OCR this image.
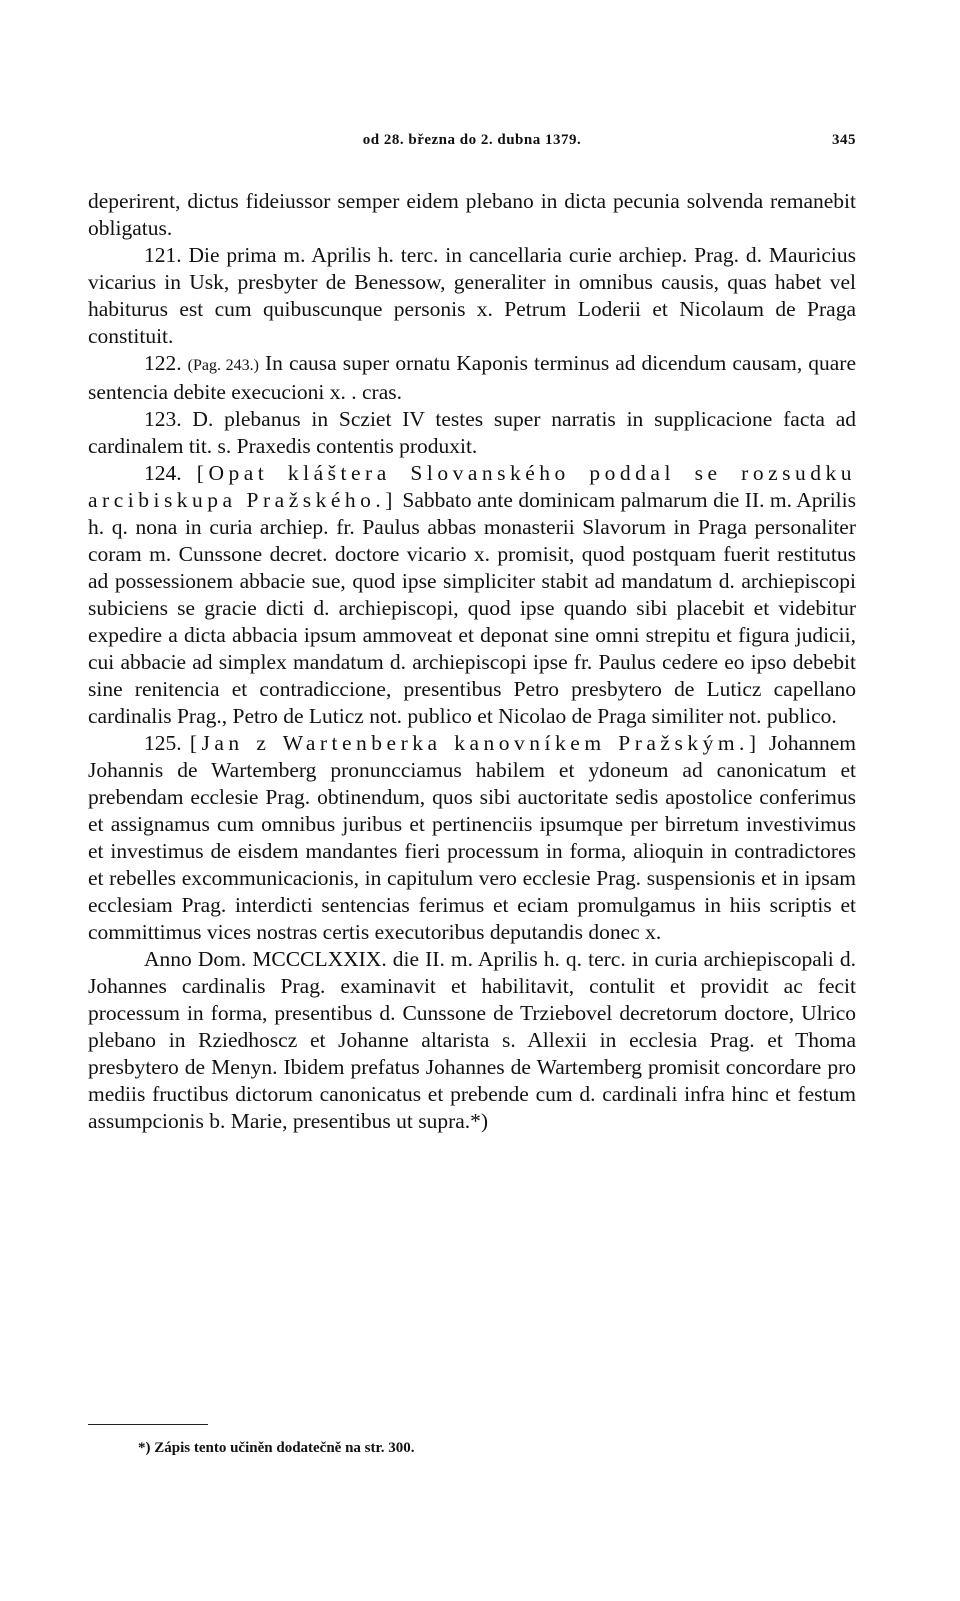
od 28. března do 2. dubna 1379.	345

deperirent, dictus fideiussor semper eidem plebano in dicta pecunia solvenda remanebit obligatus.

121. Die prima m. Aprilis h. terc. in cancellaria curie archiep. Prag. d. Mauricius vicarius in Usk, presbyter de Benessow, generaliter in omnibus causis, quas habet vel habiturus est cum quibuscunque personis x. Petrum Loderii et Nicolaum de Praga constituit.

122. (Pag. 243.) In causa super ornatu Kaponis terminus ad dicendum causam, quare sentencia debite execucioni x. . cras.

123. D. plebanus in Scziet IV testes super narratis in supplicacione facta ad cardinalem tit. s. Praxedis contentis produxit.

124. [Opat kláštera Slovanského poddal se rozsudku arcibiskupa Pražského.] Sabbato ante dominicam palmarum die II. m. Aprilis h. q. nona in curia archiep. fr. Paulus abbas monasterii Slavorum in Praga personaliter coram m. Cunssone decret. doctore vicario x. promisit, quod postquam fuerit restitutus ad possessionem abbacie sue, quod ipse simpliciter stabit ad mandatum d. archiepiscopi subiciens se gracie dicti d. archiepiscopi, quod ipse quando sibi placebit et videbitur expedire a dicta abbacia ipsum ammoveat et deponat sine omni strepitu et figura judicii, cui abbacie ad simplex mandatum d. archiepiscopi ipse fr. Paulus cedere eo ipso debebit sine renitencia et contradiccione, presentibus Petro presbytero de Luticz capellano cardinalis Prag., Petro de Luticz not. publico et Nicolao de Praga similiter not. publico.

125. [Jan z Wartenberka kanovníkem Pražským.] Johannem Johannis de Wartemberg pronuncciamus habilem et ydoneum ad canonicatum et prebendam ecclesie Prag. obtinendum, quos sibi auctoritate sedis apostolice conferimus et assignamus cum omnibus juribus et pertinenciis ipsumque per birretum investivimus et investimus de eisdem mandantes fieri processum in forma, alioquin in contradictores et rebelles excommunicacionis, in capitulum vero ecclesie Prag. suspensionis et in ipsam ecclesiam Prag. interdicti sentencias ferimus et eciam promulgamus in hiis scriptis et committimus vices nostras certis executoribus deputandis donec x.

Anno Dom. MCCCLXXIX. die II. m. Aprilis h. q. terc. in curia archiepiscopali d. Johannes cardinalis Prag. examinavit et habilitavit, contulit et providit ac fecit processum in forma, presentibus d. Cunssone de Trziebovel decretorum doctore, Ulrico plebano in Rziedhoscz et Johanne altarista s. Allexii in ecclesia Prag. et Thoma presbytero de Menyn. Ibidem prefatus Johannes de Wartemberg promisit concordare pro mediis fructibus dictorum canonicatus et prebende cum d. cardinali infra hinc et festum assumpcionis b. Marie, presentibus ut supra.*)

*) Zápis tento učiněn dodatečně na str. 300.
